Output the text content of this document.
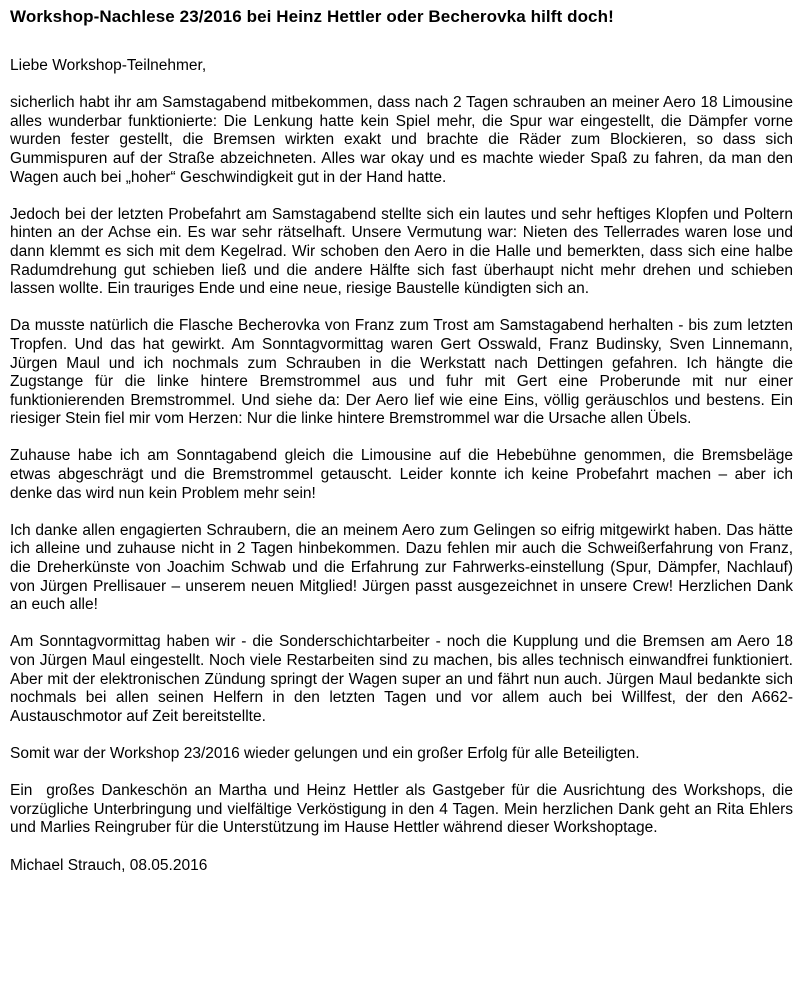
Workshop-Nachlese 23/2016 bei Heinz Hettler oder Becherovka hilft doch!

Liebe Workshop-Teilnehmer,

sicherlich habt ihr am Samstagabend mitbekommen, dass nach 2 Tagen schrauben an meiner Aero 18 Limousine alles wunderbar funktionierte: Die Lenkung hatte kein Spiel mehr, die Spur war eingestellt, die Dämpfer vorne wurden fester gestellt, die Bremsen wirkten exakt und brachte die Räder zum Blockieren, so dass sich Gummispuren auf der Straße abzeichneten. Alles war okay und es machte wieder Spaß zu fahren, da man den Wagen auch bei „hoher“ Geschwindigkeit gut in der Hand hatte.

Jedoch bei der letzten Probefahrt am Samstagabend stellte sich ein lautes und sehr heftiges Klopfen und Poltern hinten an der Achse ein. Es war sehr rätselhaft. Unsere Vermutung war: Nieten des Tellerrades waren lose und dann klemmt es sich mit dem Kegelrad. Wir schoben den Aero in die Halle und bemerkten, dass sich eine halbe Radumdrehung gut schieben ließ und die andere Hälfte sich fast überhaupt nicht mehr drehen und schieben lassen wollte. Ein trauriges Ende und eine neue, riesige Baustelle kündigten sich an.

Da musste natürlich die Flasche Becherovka von Franz zum Trost am Samstagabend herhalten - bis zum letzten Tropfen. Und das hat gewirkt. Am Sonntagvormittag waren Gert Osswald, Franz Budinsky, Sven Linnemann, Jürgen Maul und ich nochmals zum Schrauben in die Werkstatt nach Dettingen gefahren. Ich hängte die Zugstange für die linke hintere Bremstrommel aus und fuhr mit Gert eine Proberunde mit nur einer funktionierenden Bremstrommel. Und siehe da: Der Aero lief wie eine Eins, völlig geräuschlos und bestens. Ein riesiger Stein fiel mir vom Herzen: Nur die linke hintere Bremstrommel war die Ursache allen Übels.

Zuhause habe ich am Sonntagabend gleich die Limousine auf die Hebebühne genommen, die Bremsbeläge etwas abgeschrägt und die Bremstrommel getauscht. Leider konnte ich keine Probefahrt machen – aber ich denke das wird nun kein Problem mehr sein!

Ich danke allen engagierten Schraubern, die an meinem Aero zum Gelingen so eifrig mitgewirkt haben. Das hätte ich alleine und zuhause nicht in 2 Tagen hinbekommen. Dazu fehlen mir auch die Schweißerfahrung von Franz, die Dreherkünste von Joachim Schwab und die Erfahrung zur Fahrwerks-einstellung (Spur, Dämpfer, Nachlauf) von Jürgen Prellisauer – unserem neuen Mitglied! Jürgen passt ausgezeichnet in unsere Crew! Herzlichen Dank an euch alle!

Am Sonntagvormittag haben wir - die Sonderschichtarbeiter - noch die Kupplung und die Bremsen am Aero 18 von Jürgen Maul eingestellt. Noch viele Restarbeiten sind zu machen, bis alles technisch einwandfrei funktioniert. Aber mit der elektronischen Zündung springt der Wagen super an und fährt nun auch. Jürgen Maul bedankte sich nochmals bei allen seinen Helfern in den letzten Tagen und vor allem auch bei Willfest, der den A662-Austauschmotor auf Zeit bereitstellte.

Somit war der Workshop 23/2016 wieder gelungen und ein großer Erfolg für alle Beteiligten.

Ein  großes Dankeschön an Martha und Heinz Hettler als Gastgeber für die Ausrichtung des Workshops, die vorzügliche Unterbringung und vielfältige Verköstigung in den 4 Tagen. Mein herzlichen Dank geht an Rita Ehlers und Marlies Reingruber für die Unterstützung im Hause Hettler während dieser Workshoptage.

Michael Strauch, 08.05.2016
